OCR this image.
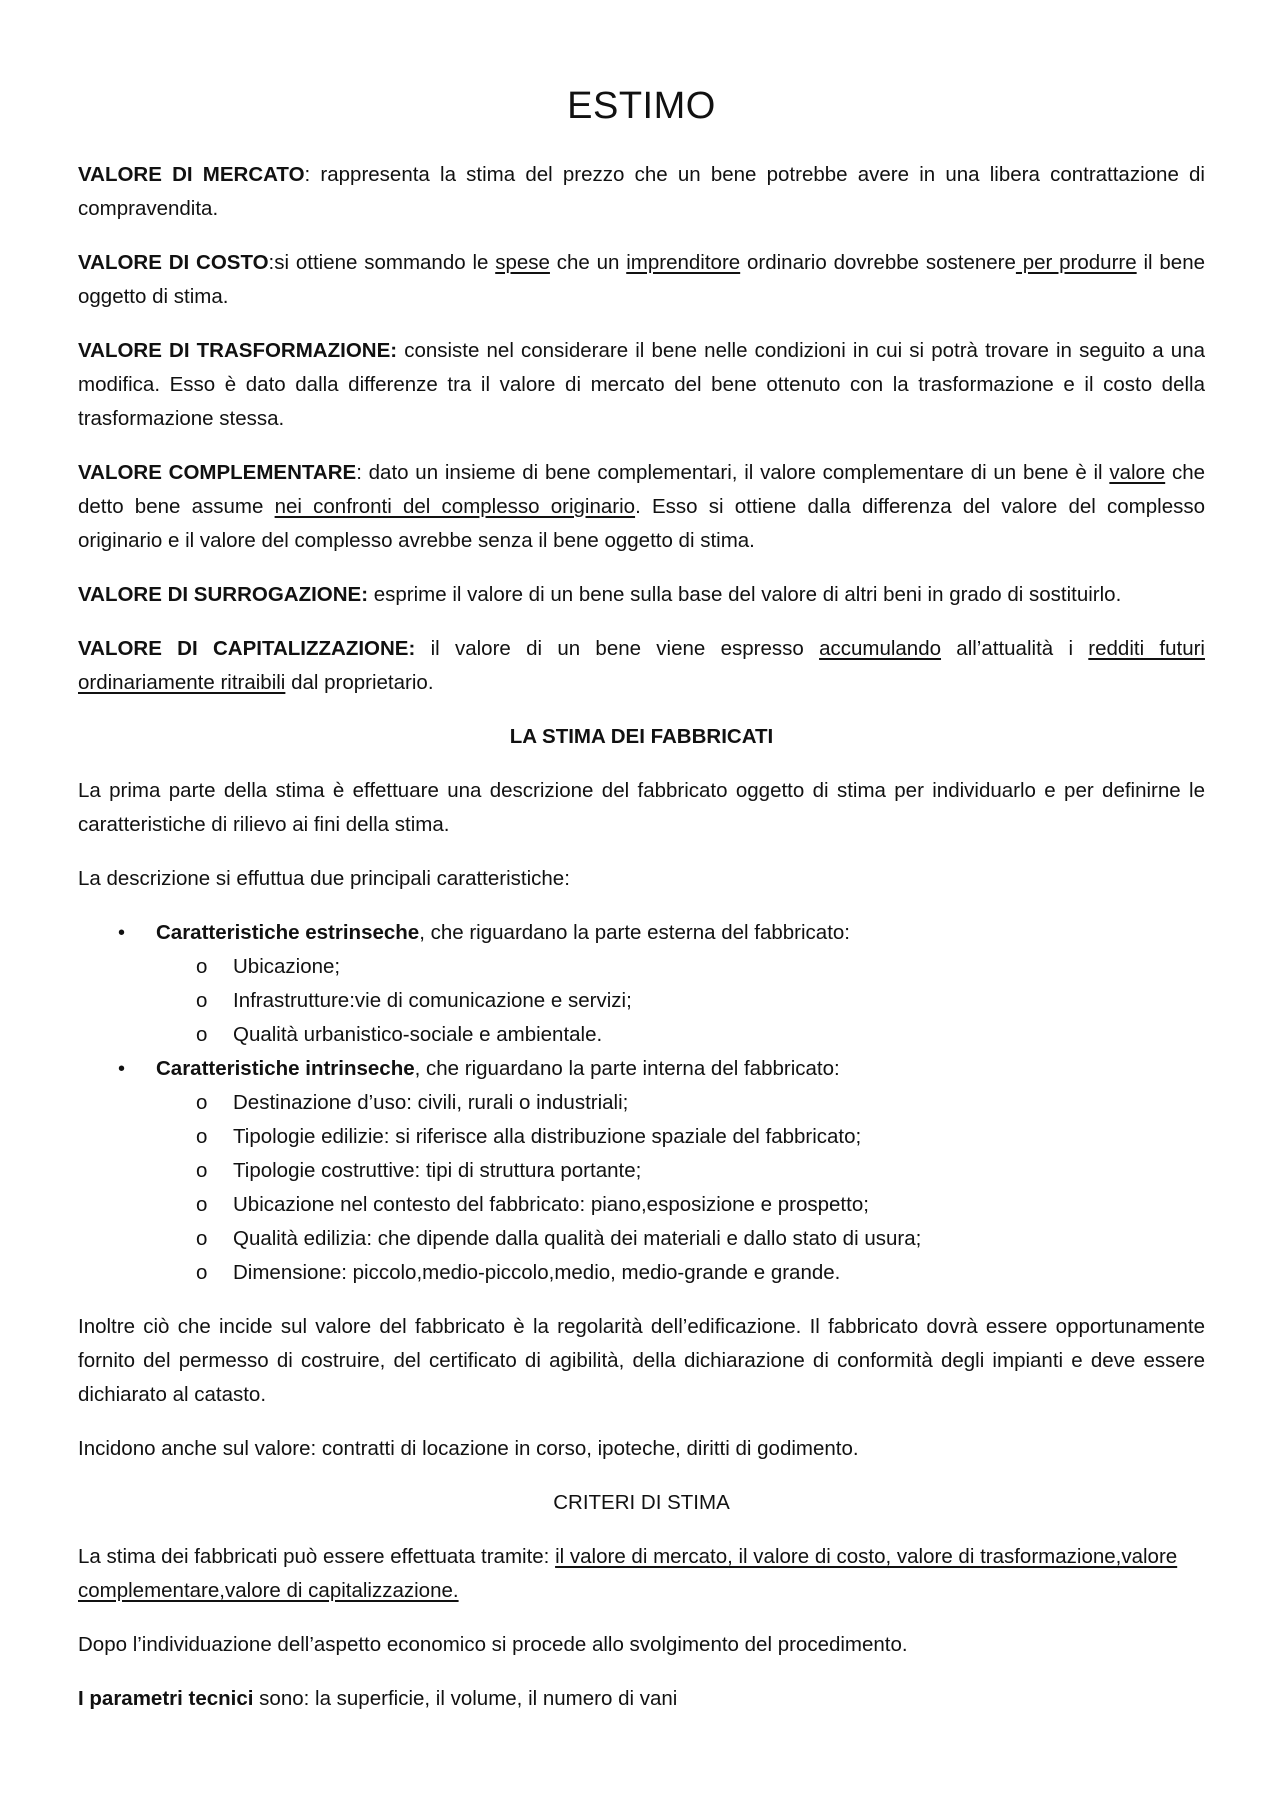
ESTIMO

VALORE DI MERCATO: rappresenta la stima del prezzo che un bene potrebbe avere in una libera contrattazione di compravendita.

VALORE DI COSTO:si ottiene sommando le spese che un imprenditore ordinario dovrebbe sostenere per produrre il bene oggetto di stima.

VALORE DI TRASFORMAZIONE: consiste nel considerare il bene nelle condizioni in cui si potrà trovare in seguito a una modifica. Esso è dato dalla differenze tra il valore di mercato del bene ottenuto con la trasformazione e il costo della trasformazione stessa.

VALORE COMPLEMENTARE: dato un insieme di bene complementari, il valore complementare di un bene è il valore che detto bene assume nei confronti del complesso originario. Esso si ottiene dalla differenza del valore del complesso originario e il valore del complesso avrebbe senza il bene oggetto di stima.

VALORE DI SURROGAZIONE: esprime il valore di un bene sulla base del valore di altri beni in grado di sostituirlo.

VALORE DI CAPITALIZZAZIONE: il valore di un bene viene espresso accumulando all’attualità i redditi futuri ordinariamente ritraibili dal proprietario.

LA STIMA DEI FABBRICATI

La prima parte della stima è effettuare una descrizione del fabbricato oggetto di stima per individuarlo e per definirne le caratteristiche di rilievo ai fini della stima.

La descrizione si effuttua due principali caratteristiche:

• Caratteristiche estrinseche, che riguardano la parte esterna del fabbricato:
o Ubicazione;
o Infrastrutture:vie di comunicazione e servizi;
o Qualità urbanistico-sociale e ambientale.
• Caratteristiche intrinseche, che riguardano la parte interna del fabbricato:
o Destinazione d’uso: civili, rurali o industriali;
o Tipologie edilizie: si riferisce alla distribuzione spaziale del fabbricato;
o Tipologie costruttive: tipi di struttura portante;
o Ubicazione nel contesto del fabbricato: piano,esposizione e prospetto;
o Qualità edilizia: che dipende dalla qualità dei materiali e dallo stato di usura;
o Dimensione: piccolo,medio-piccolo,medio, medio-grande e grande.

Inoltre ciò che incide sul valore del fabbricato è la regolarità dell’edificazione. Il fabbricato dovrà essere opportunamente fornito del permesso di costruire, del certificato di agibilità, della dichiarazione di conformità degli impianti e deve essere dichiarato al catasto.

Incidono anche sul valore: contratti di locazione in corso, ipoteche, diritti di godimento.

CRITERI DI STIMA

La stima dei fabbricati può essere effettuata tramite: il valore di mercato, il valore di costo, valore di trasformazione,valore complementare,valore di capitalizzazione.

Dopo l’individuazione dell’aspetto economico si procede allo svolgimento del procedimento.

I parametri tecnici sono: la superficie, il volume, il numero di vani
